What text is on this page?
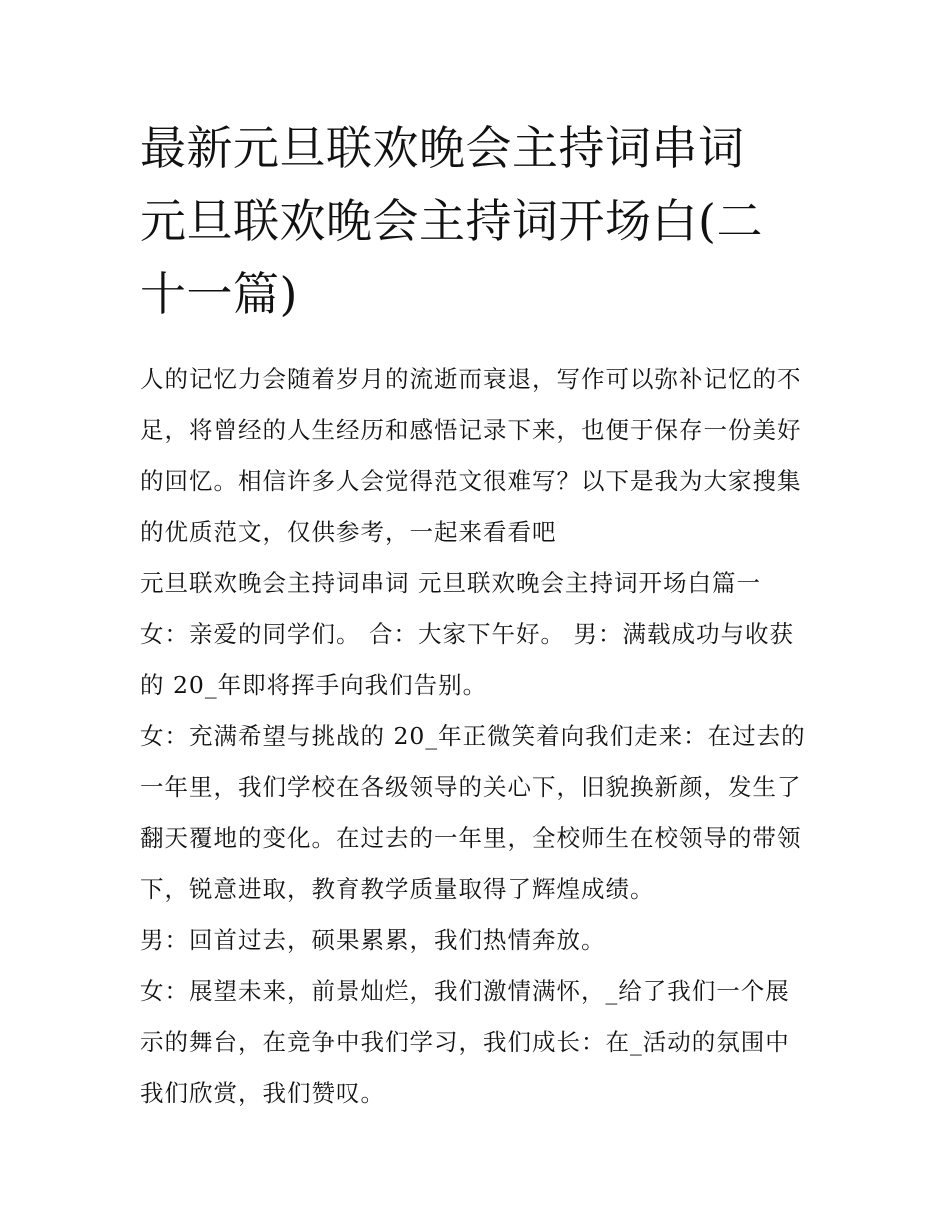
最新元旦联欢晚会主持词串词
元旦联欢晚会主持词开场白(二
十一篇)
人的记忆力会随着岁月的流逝而衰退，写作可以弥补记忆的不
足，将曾经的人生经历和感悟记录下来，也便于保存一份美好
的回忆。相信许多人会觉得范文很难写？以下是我为大家搜集
的优质范文，仅供参考，一起来看看吧
元旦联欢晚会主持词串词 元旦联欢晚会主持词开场白篇一
女：亲爱的同学们。 合：大家下午好。 男：满载成功与收获
的 20_年即将挥手向我们告别。
女：充满希望与挑战的 20_年正微笑着向我们走来：在过去的
一年里，我们学校在各级领导的关心下，旧貌换新颜，发生了
翻天覆地的变化。在过去的一年里，全校师生在校领导的带领
下，锐意进取，教育教学质量取得了辉煌成绩。
男：回首过去，硕果累累，我们热情奔放。
女：展望未来，前景灿烂，我们激情满怀，_给了我们一个展
示的舞台，在竞争中我们学习，我们成长：在_活动的氛围中
我们欣赏，我们赞叹。
